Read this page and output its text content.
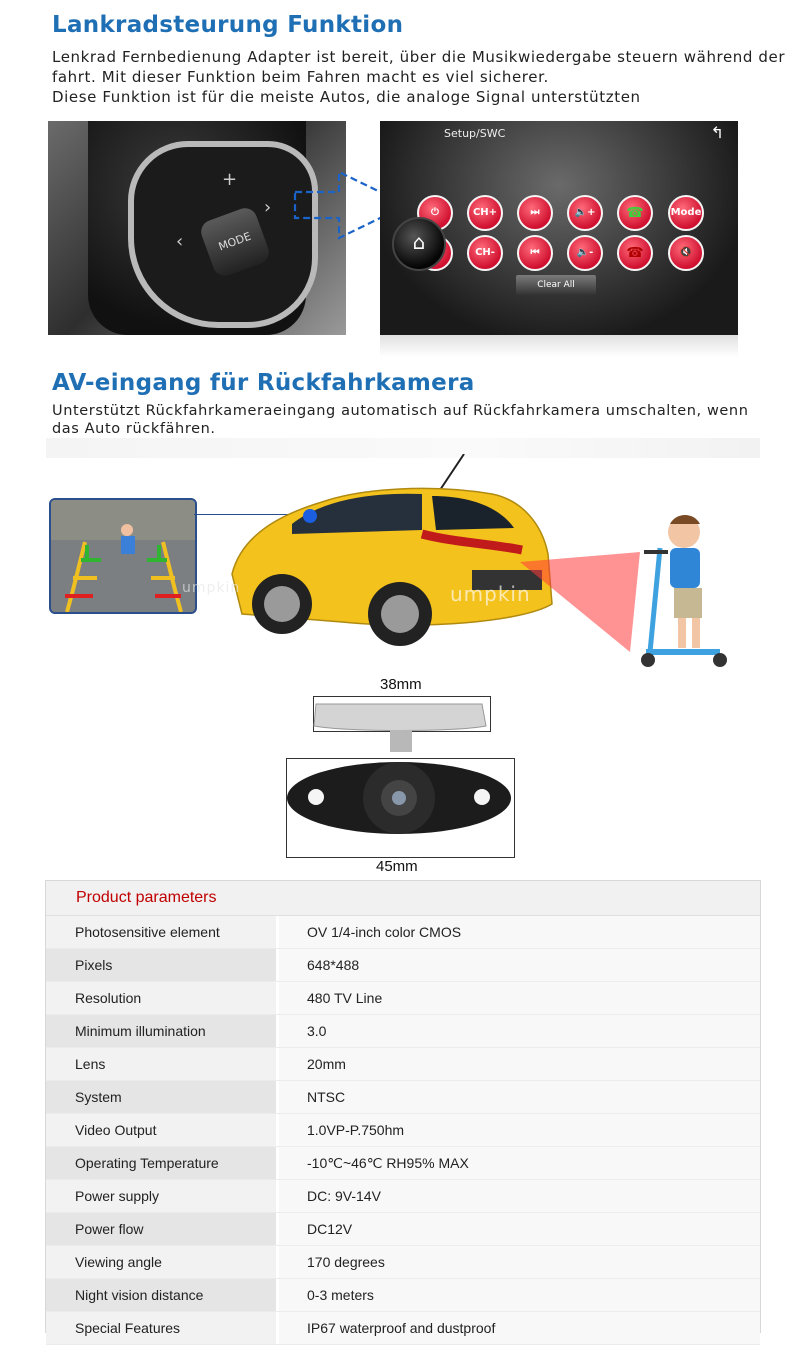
Lankradsteurung Funktion
Lenkrad Fernbedienung Adapter ist bereit, über die Musikwiedergabe steuern während der
fahrt. Mit dieser Funktion beim Fahren macht es viel sicherer.
Diese Funktion ist für die meiste Autos, die analoge Signal unterstützten
+
›
‹	MODE
Setup/SWC	↰
⏻	CH+	⏭	🔈+	☎	Mode
CH-	⏮	🔈-	☎	🔇
⌂
Clear All
AV-eingang für Rückfahrkamera
Unterstützt Rückfahrkameraeingang automatisch auf Rückfahrkamera umschalten, wenn
das Auto rückfähren.
umpkin
umpkin
38mm
45mm
Product parameters
Photosensitive element	OV 1/4-inch color CMOS
Pixels	648*488
Resolution	480 TV Line
Minimum illumination	3.0
Lens	20mm
System	NTSC
Video Output	1.0VP-P.750hm
Operating Temperature	-10℃~46℃ RH95% MAX
Power supply	DC: 9V-14V
Power flow	DC12V
Viewing angle	170 degrees
Night vision distance	0-3 meters
Special Features	IP67 waterproof and dustproof
